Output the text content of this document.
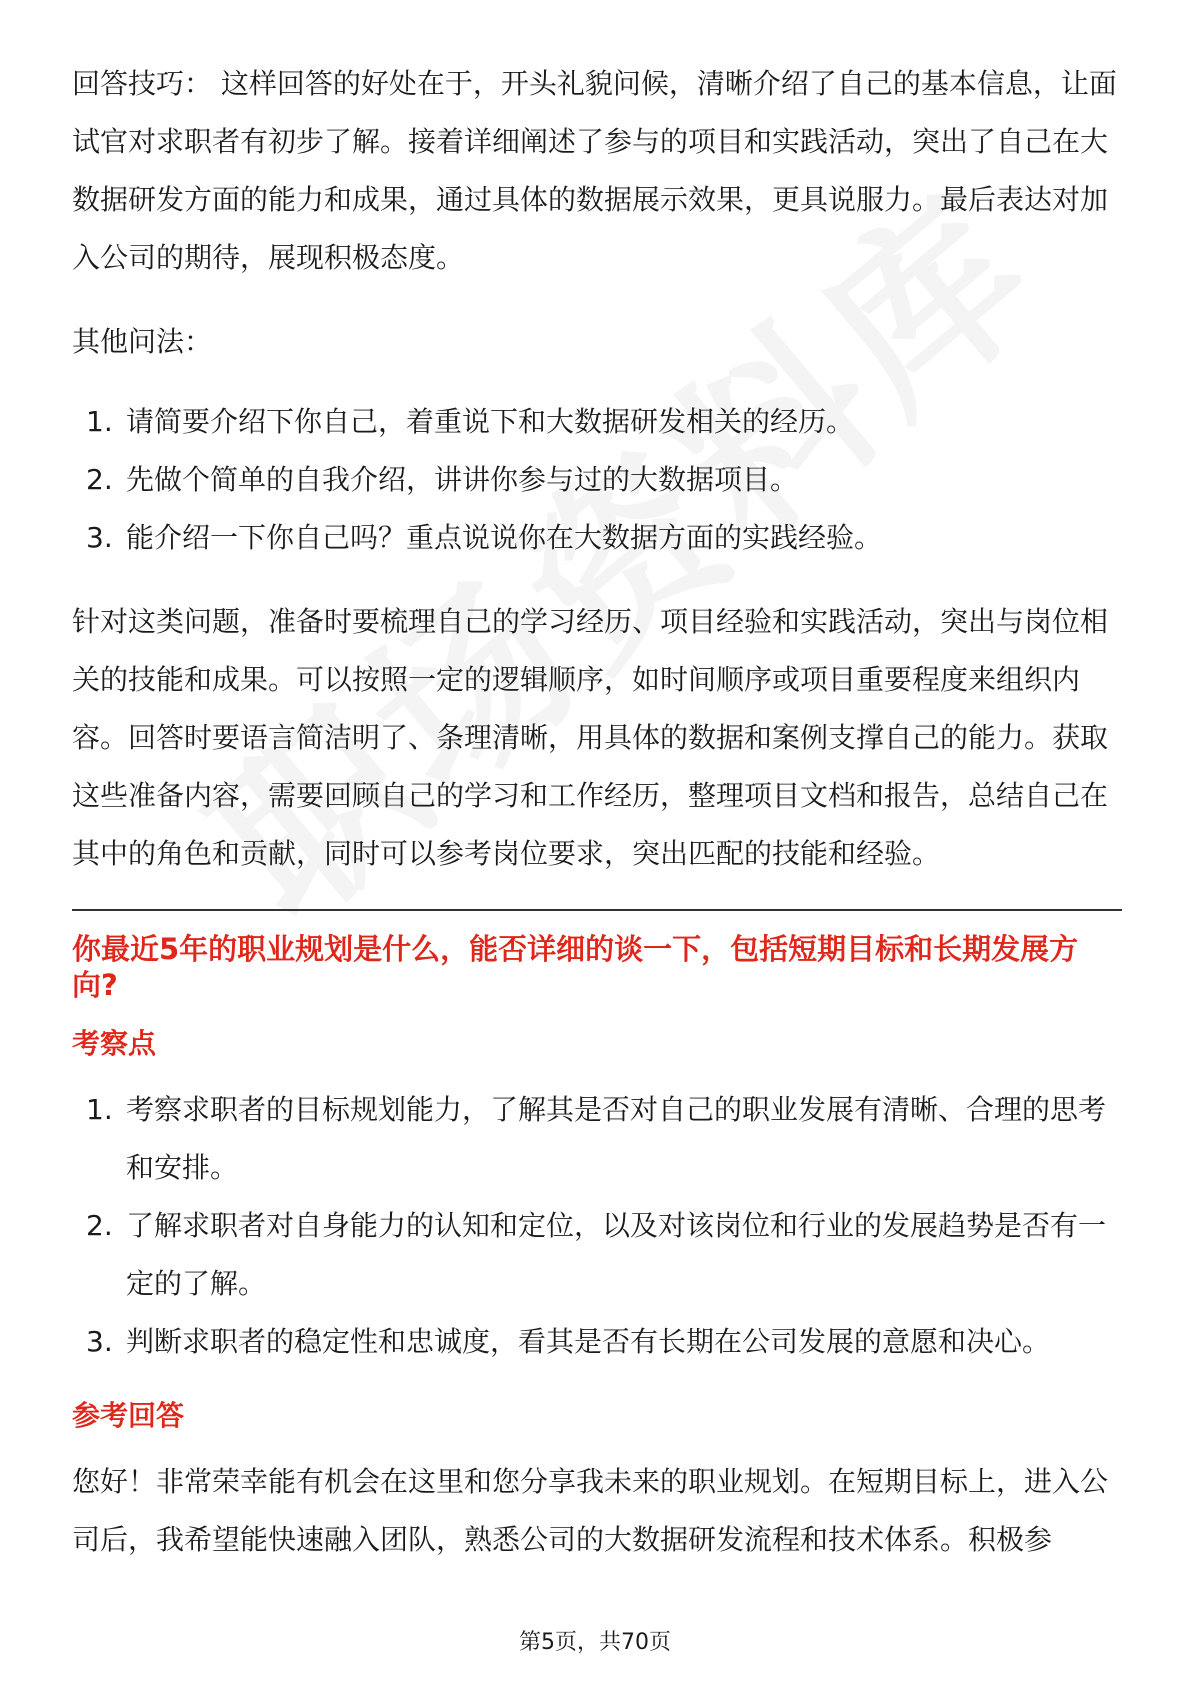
回答技巧： 这样回答的好处在于，开头礼貌问候，清晰介绍了自己的基本信息，让面试官对求职者有初步了解。接着详细阐述了参与的项目和实践活动，突出了自己在大数据研发方面的能力和成果，通过具体的数据展示效果，更具说服力。最后表达对加入公司的期待，展现积极态度。

其他问法：

1. 请简要介绍下你自己，着重说下和大数据研发相关的经历。
2. 先做个简单的自我介绍，讲讲你参与过的大数据项目。
3. 能介绍一下你自己吗？重点说说你在大数据方面的实践经验。

针对这类问题，准备时要梳理自己的学习经历、项目经验和实践活动，突出与岗位相关的技能和成果。可以按照一定的逻辑顺序，如时间顺序或项目重要程度来组织内容。回答时要语言简洁明了、条理清晰，用具体的数据和案例支撑自己的能力。获取这些准备内容，需要回顾自己的学习和工作经历，整理项目文档和报告，总结自己在其中的角色和贡献，同时可以参考岗位要求，突出匹配的技能和经验。

你最近5年的职业规划是什么，能否详细的谈一下，包括短期目标和长期发展方向?
考察点
1. 考察求职者的目标规划能力，了解其是否对自己的职业发展有清晰、合理的思考和安排。
2. 了解求职者对自身能力的认知和定位，以及对该岗位和行业的发展趋势是否有一定的了解。
3. 判断求职者的稳定性和忠诚度，看其是否有长期在公司发展的意愿和决心。
参考回答

您好！非常荣幸能有机会在这里和您分享我未来的职业规划。在短期目标上，进入公司后，我希望能快速融入团队，熟悉公司的大数据研发流程和技术体系。积极参

第5页，共70页
